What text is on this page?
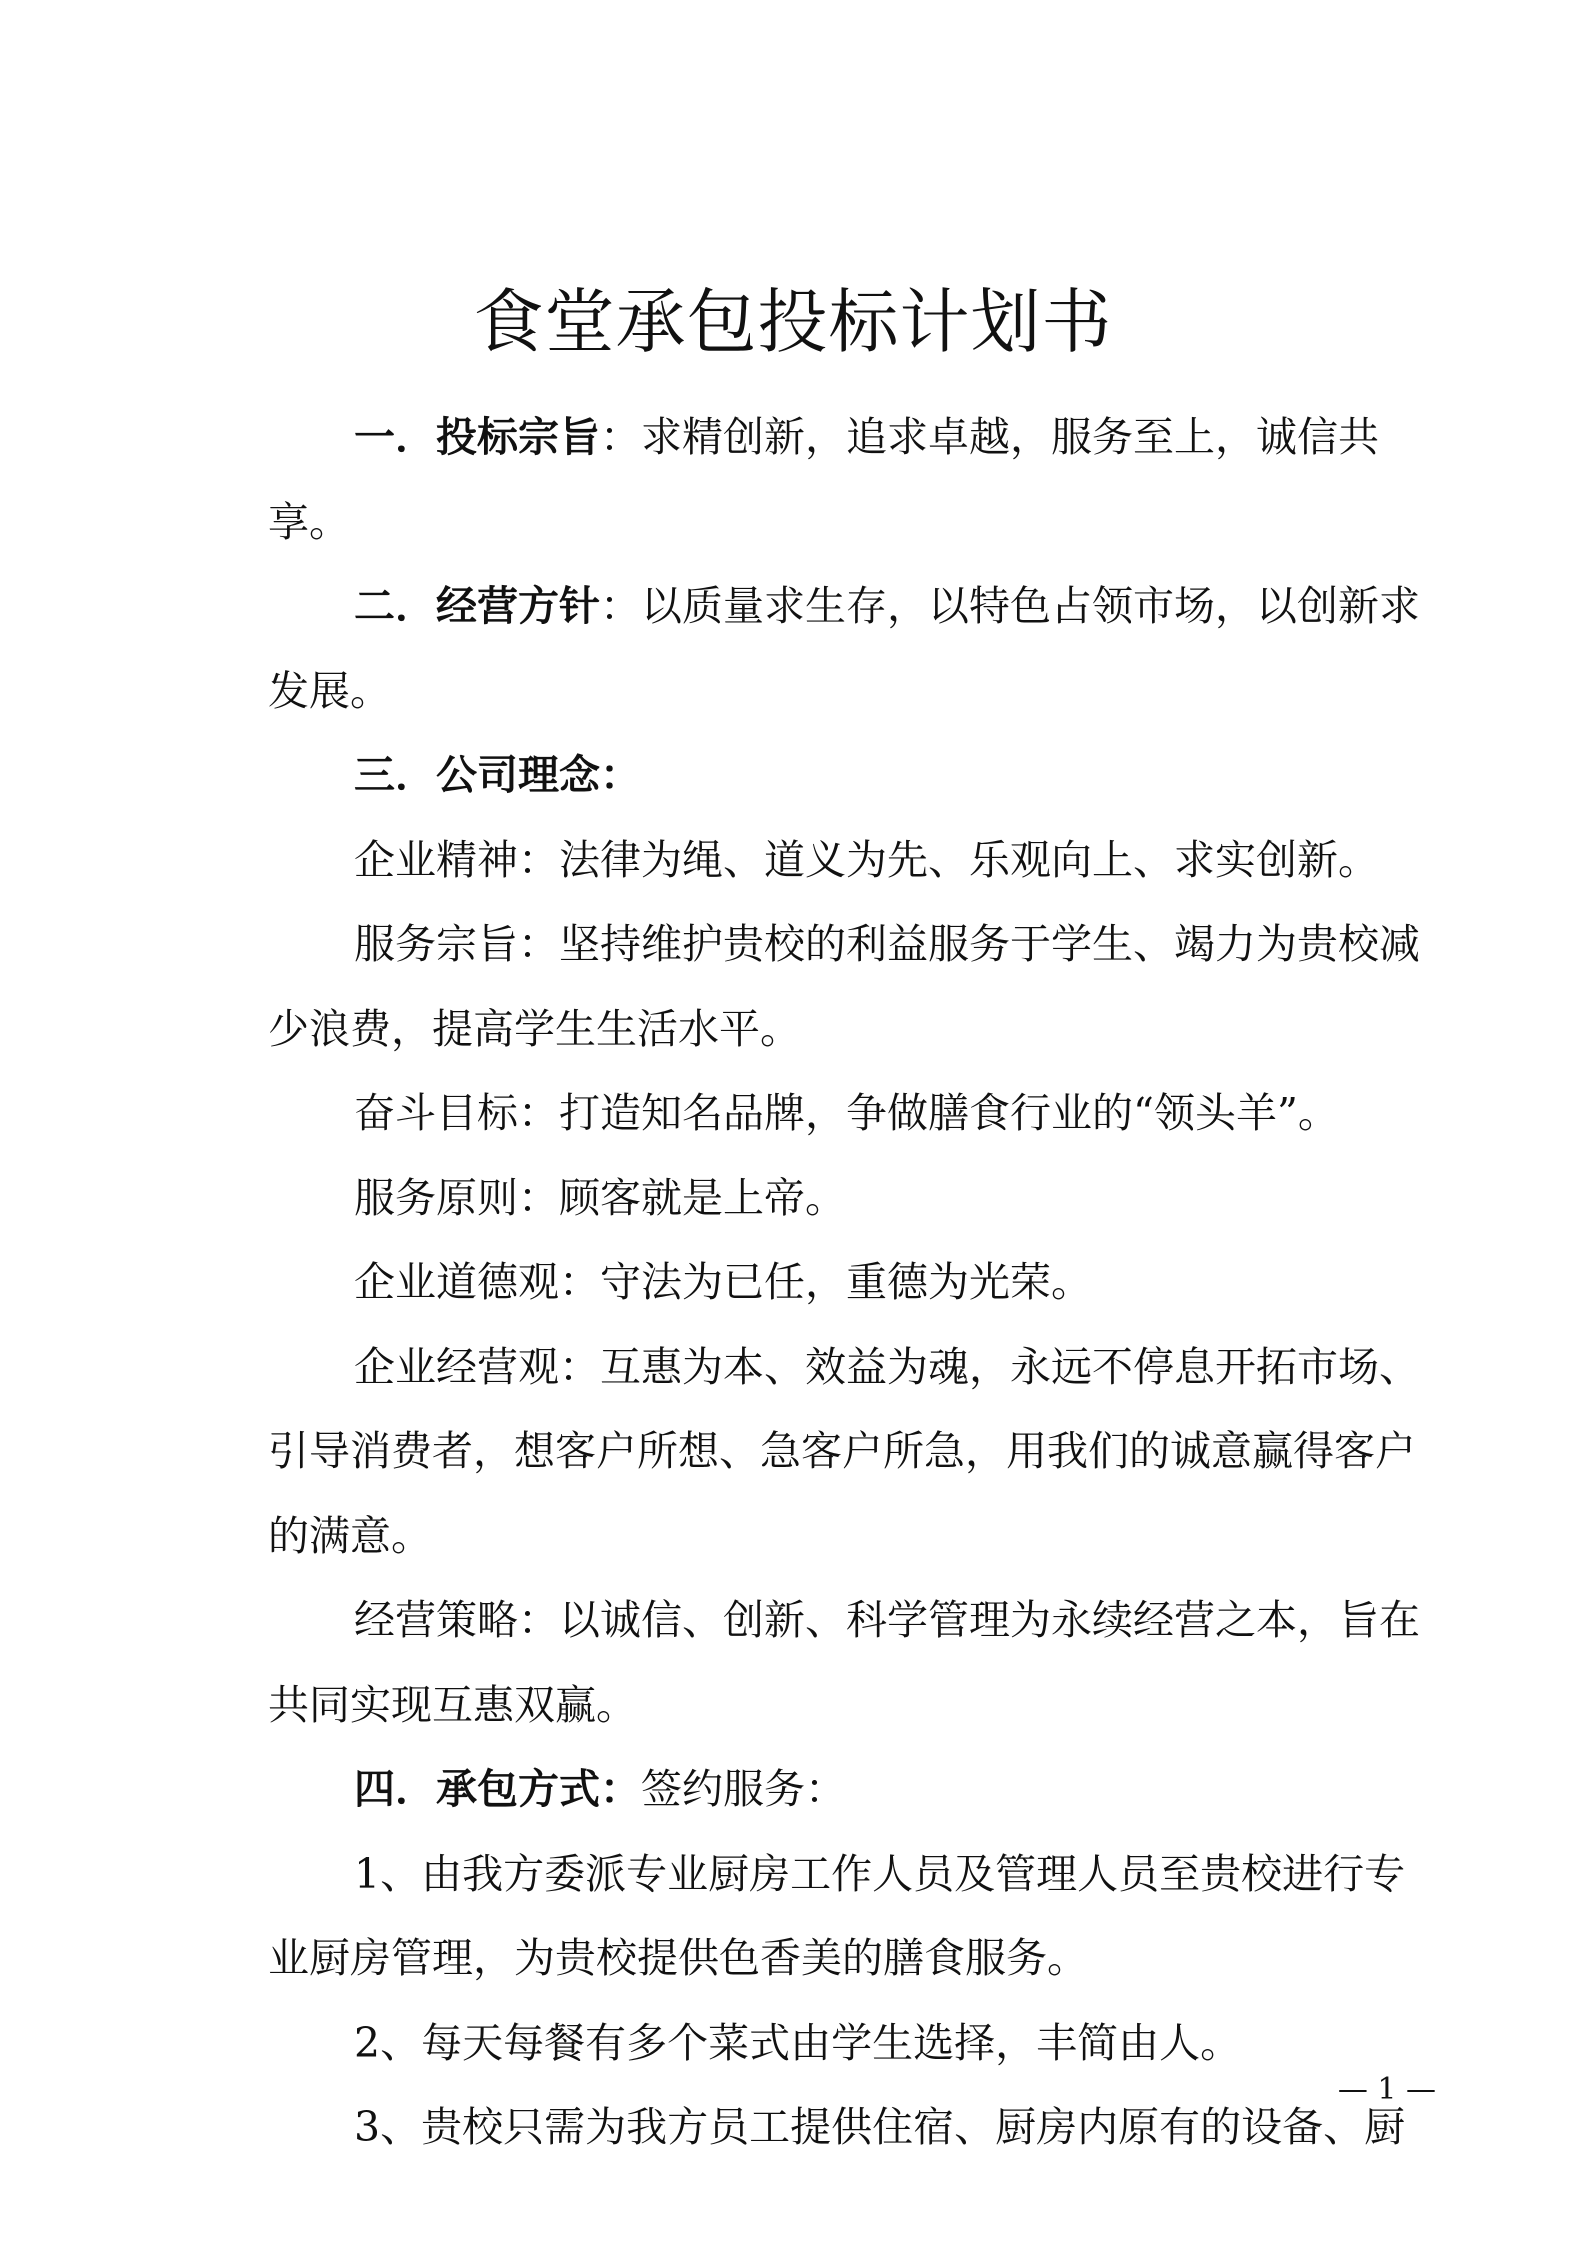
食堂承包投标计划书

一．投标宗旨：求精创新，追求卓越，服务至上，诚信共享。

二．经营方针：以质量求生存，以特色占领市场，以创新求发展。

三．公司理念：

企业精神：法律为绳、道义为先、乐观向上、求实创新。

服务宗旨：坚持维护贵校的利益服务于学生、竭力为贵校减少浪费，提高学生生活水平。

奋斗目标：打造知名品牌，争做膳食行业的“领头羊”。

服务原则：顾客就是上帝。

企业道德观：守法为已任，重德为光荣。

企业经营观：互惠为本、效益为魂，永远不停息开拓市场、引导消费者，想客户所想、急客户所急，用我们的诚意赢得客户的满意。

经营策略：以诚信、创新、科学管理为永续经营之本，旨在共同实现互惠双赢。

四．承包方式：签约服务：

1、由我方委派专业厨房工作人员及管理人员至贵校进行专业厨房管理，为贵校提供色香美的膳食服务。

2、每天每餐有多个菜式由学生选择，丰简由人。

3、贵校只需为我方员工提供住宿、厨房内原有的设备、厨

— 1 —
